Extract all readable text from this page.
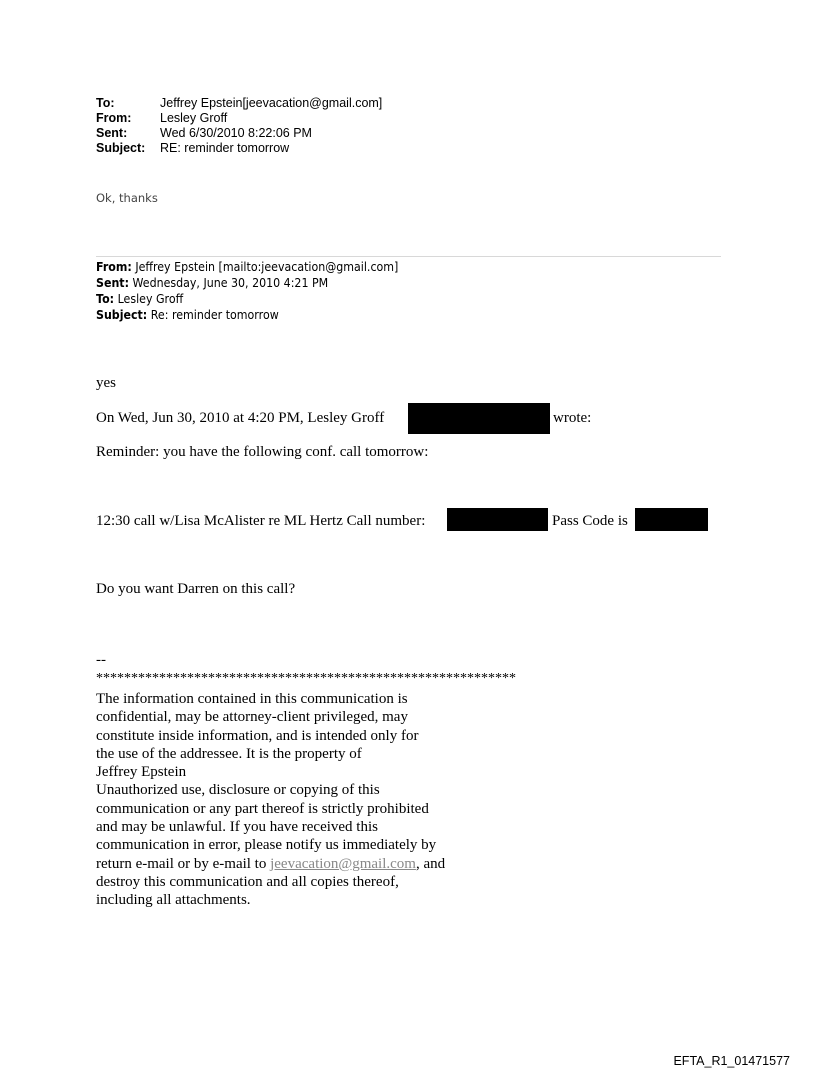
To:	Jeffrey Epstein[jeevacation@gmail.com]
From:	Lesley Groff
Sent:	Wed 6/30/2010 8:22:06 PM
Subject:	RE: reminder tomorrow
Ok, thanks
From: Jeffrey Epstein [mailto:jeevacation@gmail.com]
Sent: Wednesday, June 30, 2010 4:21 PM
To: Lesley Groff
Subject: Re: reminder tomorrow
yes
On Wed, Jun 30, 2010 at 4:20 PM, Lesley Groff	wrote:
Reminder: you have the following conf. call tomorrow:
12:30 call w/Lisa McAlister re ML Hertz Call number:	Pass Code is
Do you want Darren on this call?
--
************************************************************
The information contained in this communication is
confidential, may be attorney-client privileged, may
constitute inside information, and is intended only for
the use of the addressee. It is the property of
Jeffrey Epstein
Unauthorized use, disclosure or copying of this
communication or any part thereof is strictly prohibited
and may be unlawful. If you have received this
communication in error, please notify us immediately by
return e-mail or by e-mail to jeevacation@gmail.com, and
destroy this communication and all copies thereof,
including all attachments.
EFTA_R1_01471577
